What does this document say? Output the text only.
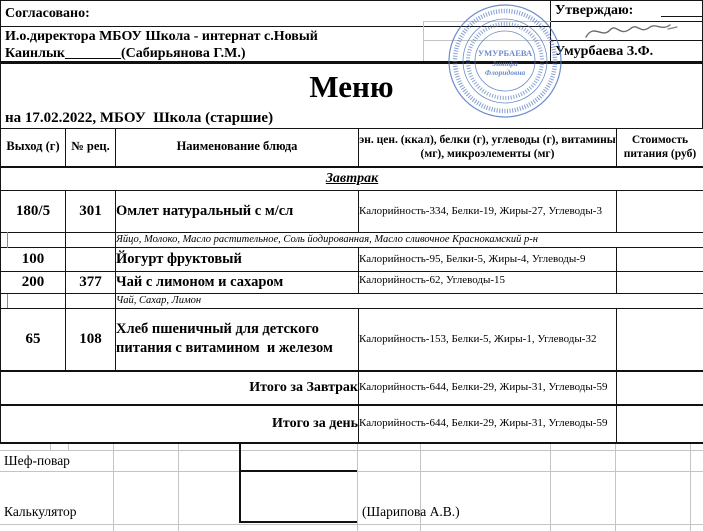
Согласовано:
И.о.директора МБОУ Школа - интернат с.Новый
Каинлык________(Сабирьянова Г.М.)
Утверждаю:
Умурбаева З.Ф.
Меню
на 17.02.2022, МБОУ  Школа (старшие)
Выход (г)	№ рец.	Наименование блюда	эн. цен. (ккал), белки (г), углеводы (г), витамины (мг), микроэлементы (мг)	Стоимость питания (руб)
Завтрак				
180/5	301	Омлет натуральный с м/сл	Калорийность-334, Белки-19, Жиры-27, Углеводы-3	
		Яйцо, Молоко, Масло растительное, Соль йодированная, Масло сливочное Краснокамский р-н		
100		Йогурт фруктовый	Калорийность-95, Белки-5, Жиры-4, Углеводы-9	
200	377	Чай с лимоном и сахаром	Калорийность-62, Углеводы-15	
		Чай, Сахар, Лимон		
65	108	Хлеб пшеничный для детского питания с витамином  и железом	Калорийность-153, Белки-5, Жиры-1, Углеводы-32	
Итого за Завтрак			Калорийность-644, Белки-29, Жиры-31, Углеводы-59	
Итого за день			Калорийность-644, Белки-29, Жиры-31, Углеводы-59	
Шеф-повар
Калькулятор	(Шарипова А.В.)
УМУРБАЕВА
Зинифа
Флоридовна
